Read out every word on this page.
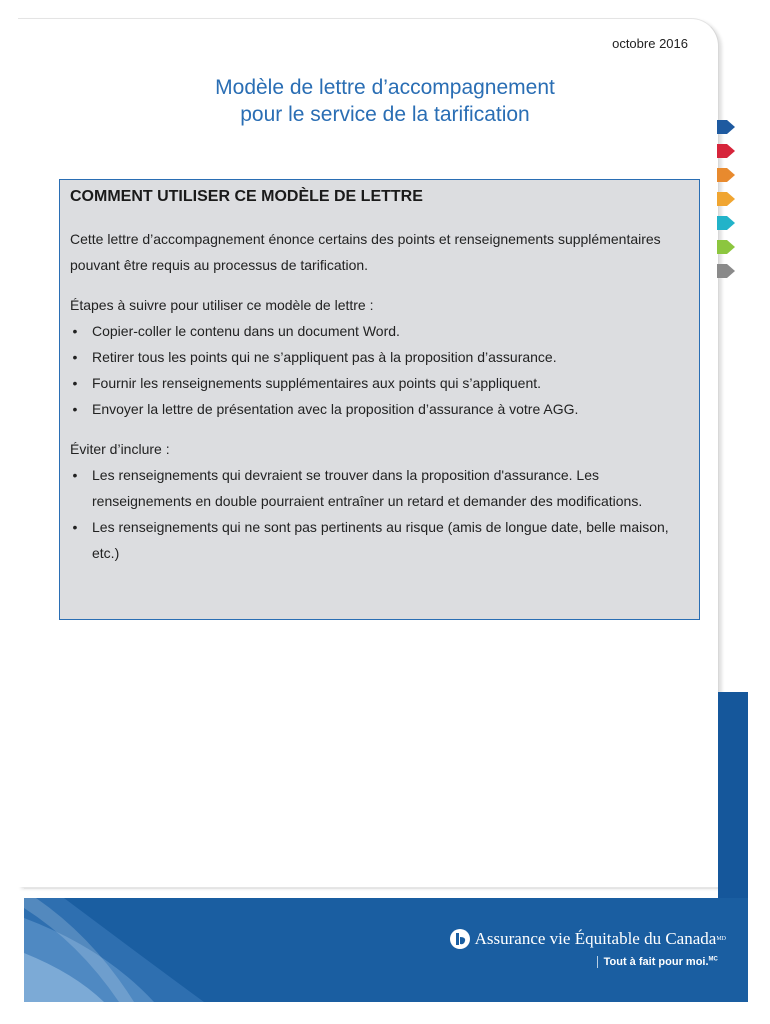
octobre 2016
Modèle de lettre d’accompagnement
pour le service de la tarification
COMMENT UTILISER CE MODÈLE DE LETTRE

Cette lettre d’accompagnement énonce certains des points et renseignements supplémentaires pouvant être requis au processus de tarification.

Étapes à suivre pour utiliser ce modèle de lettre :

• Copier-coller le contenu dans un document Word.
• Retirer tous les points qui ne s’appliquent pas à la proposition d’assurance.
• Fournir les renseignements supplémentaires aux points qui s’appliquent.
• Envoyer la lettre de présentation avec la proposition d’assurance à votre AGG.

Éviter d’inclure :

• Les renseignements qui devraient se trouver dans la proposition d'assurance. Les renseignements en double pourraient entraîner un retard et demander des modifications.
• Les renseignements qui ne sont pas pertinents au risque (amis de longue date, belle maison, etc.)
Assurance vie Équitable du Canada MD
Tout à fait pour moi.$^{MC}$
